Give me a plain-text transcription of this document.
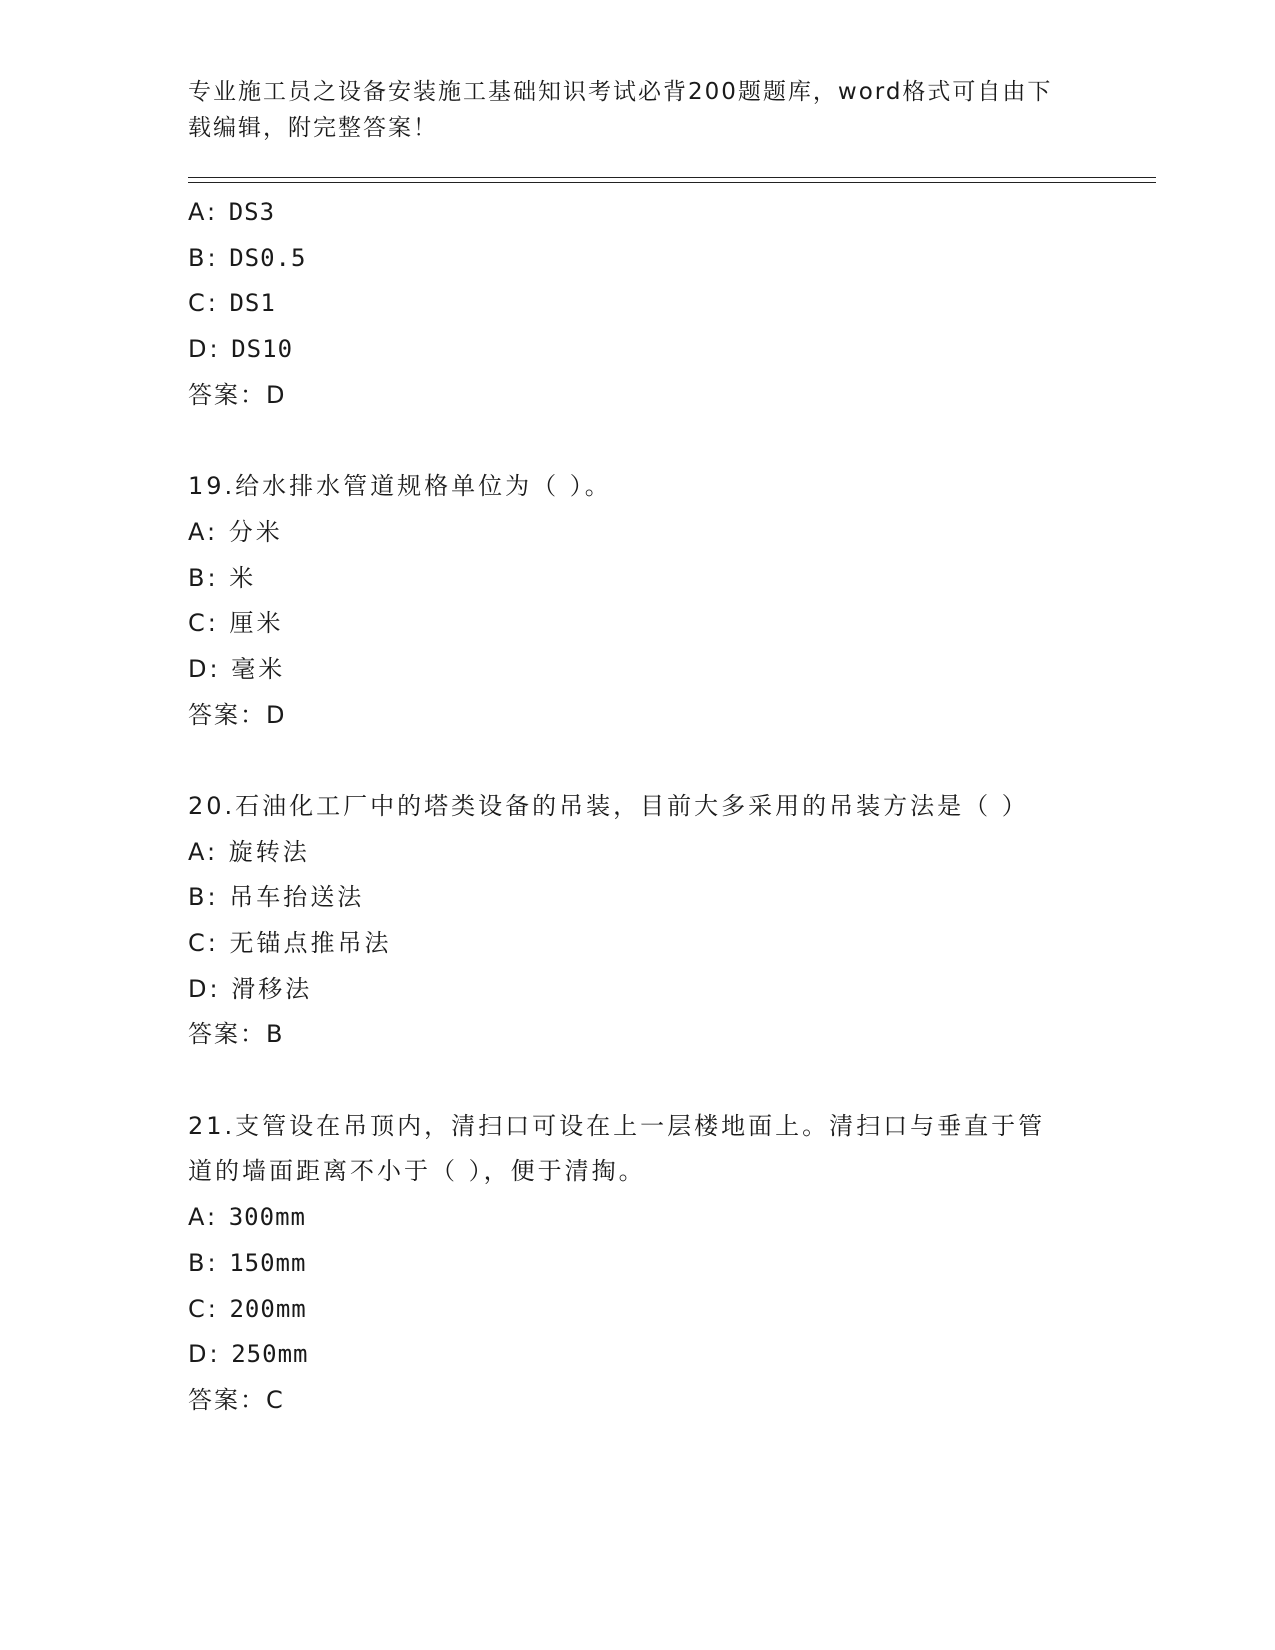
专业施工员之设备安装施工基础知识考试必背200题题库，word格式可自由下载编辑，附完整答案！
A: DS3
B: DS0.5
C: DS1
D: DS10
答案：D
19.给水排水管道规格单位为（ ）。
A: 分米
B: 米
C: 厘米
D: 毫米
答案：D
20.石油化工厂中的塔类设备的吊装，目前大多采用的吊装方法是（ ）
A: 旋转法
B: 吊车抬送法
C: 无锚点推吊法
D: 滑移法
答案：B
21.支管设在吊顶内，清扫口可设在上一层楼地面上。清扫口与垂直于管道的墙面距离不小于（ ），便于清掏。
A: 300mm
B: 150mm
C: 200mm
D: 250mm
答案：C
